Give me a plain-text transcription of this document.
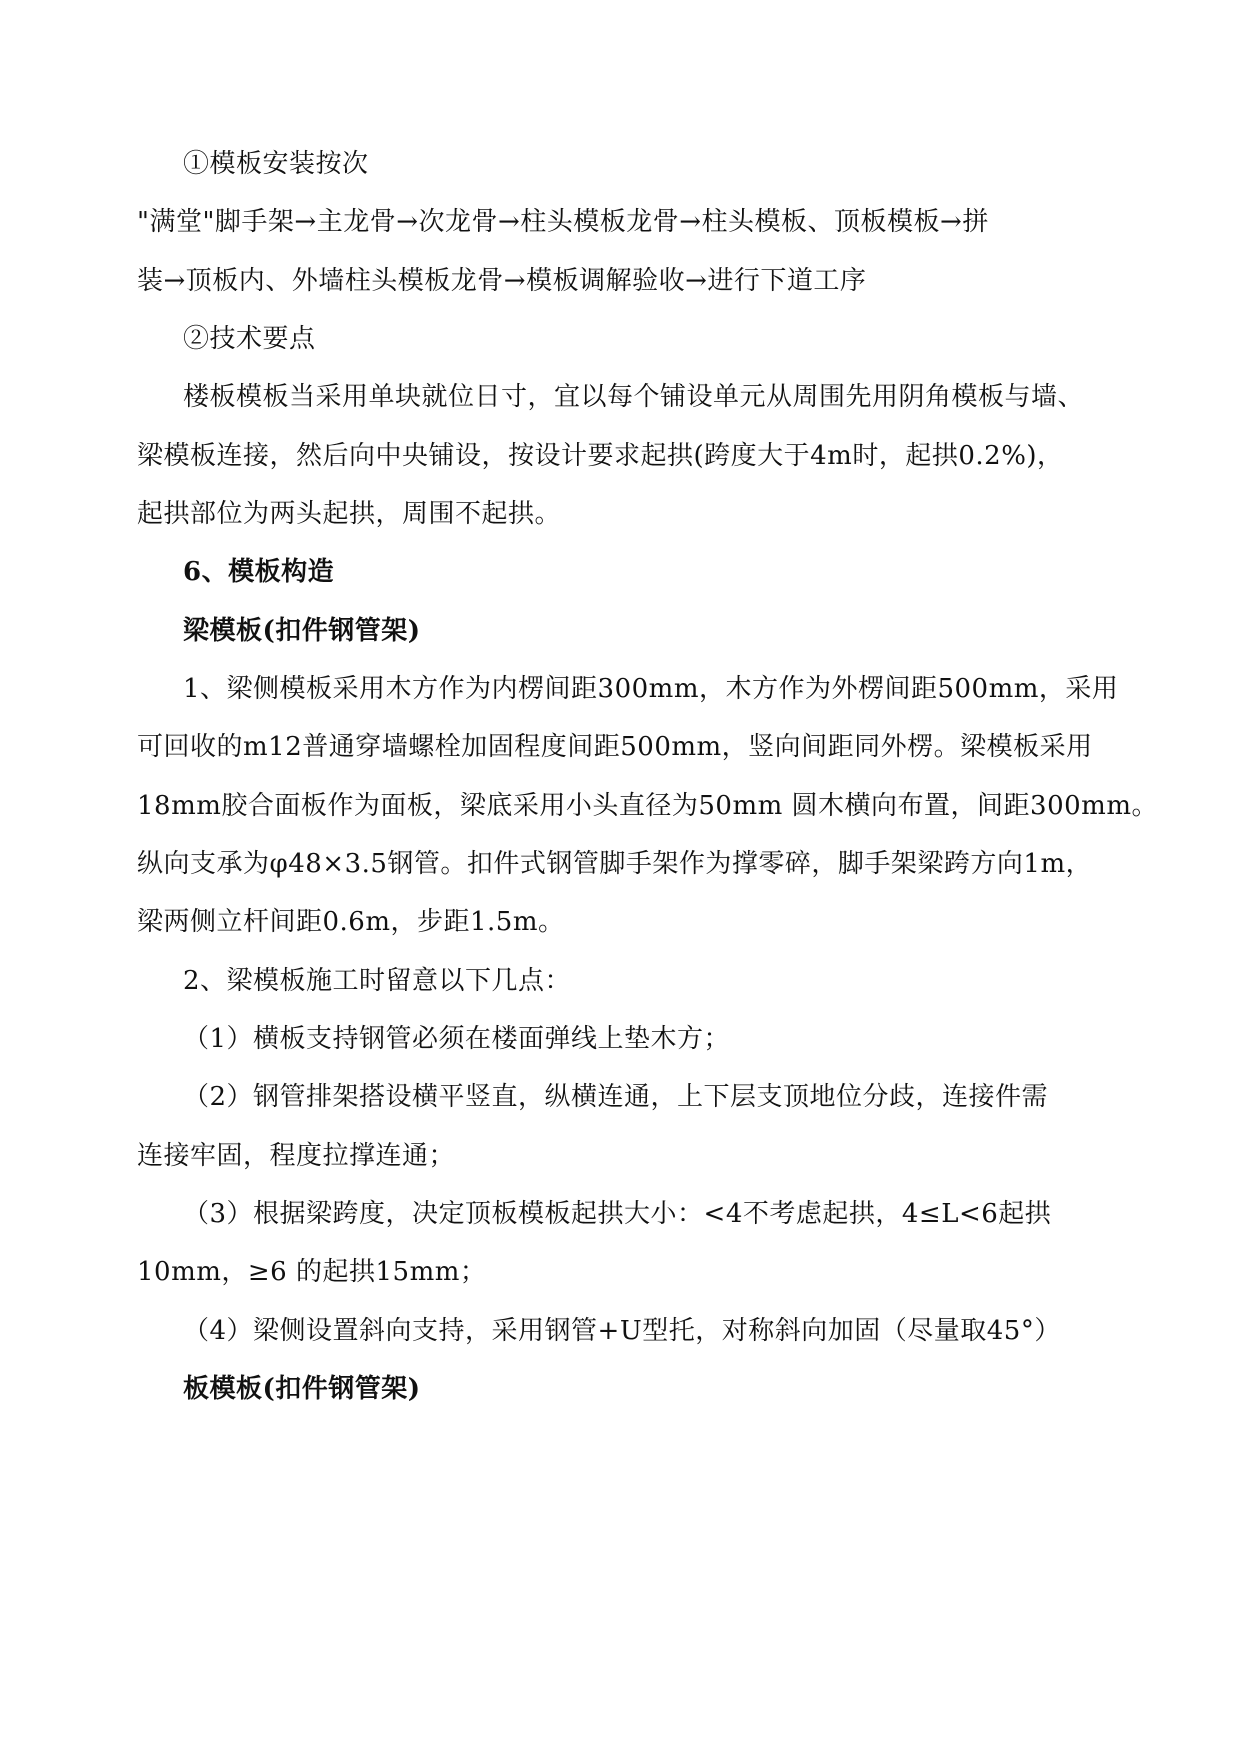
①模板安装按次
"满堂"脚手架→主龙骨→次龙骨→柱头模板龙骨→柱头模板、顶板模板→拼
装→顶板内、外墙柱头模板龙骨→模板调解验收→进行下道工序
②技术要点
楼板模板当采用单块就位日寸，宜以每个铺设单元从周围先用阴角模板与墙、
梁模板连接，然后向中央铺设，按设计要求起拱(跨度大于4m时，起拱0.2%)，
起拱部位为两头起拱，周围不起拱。
6、模板构造
梁模板(扣件钢管架)
1、梁侧模板采用木方作为内楞间距300mm，木方作为外楞间距500mm，采用
可回收的m12普通穿墙螺栓加固程度间距500mm，竖向间距同外楞。梁模板采用
18mm胶合面板作为面板，梁底采用小头直径为50mm 圆木横向布置，间距300mm。
纵向支承为φ48×3.5钢管。扣件式钢管脚手架作为撑零碎，脚手架梁跨方向1m，
梁两侧立杆间距0.6m，步距1.5m。
2、梁模板施工时留意以下几点：
（1）横板支持钢管必须在楼面弹线上垫木方；
（2）钢管排架搭设横平竖直，纵横连通，上下层支顶地位分歧，连接件需
连接牢固，程度拉撑连通；
（3）根据梁跨度，决定顶板模板起拱大小：<4不考虑起拱，4≤L<6起拱
10mm，≥6 的起拱15mm；
（4）梁侧设置斜向支持，采用钢管+U型托，对称斜向加固（尽量取45°）
板模板(扣件钢管架)
